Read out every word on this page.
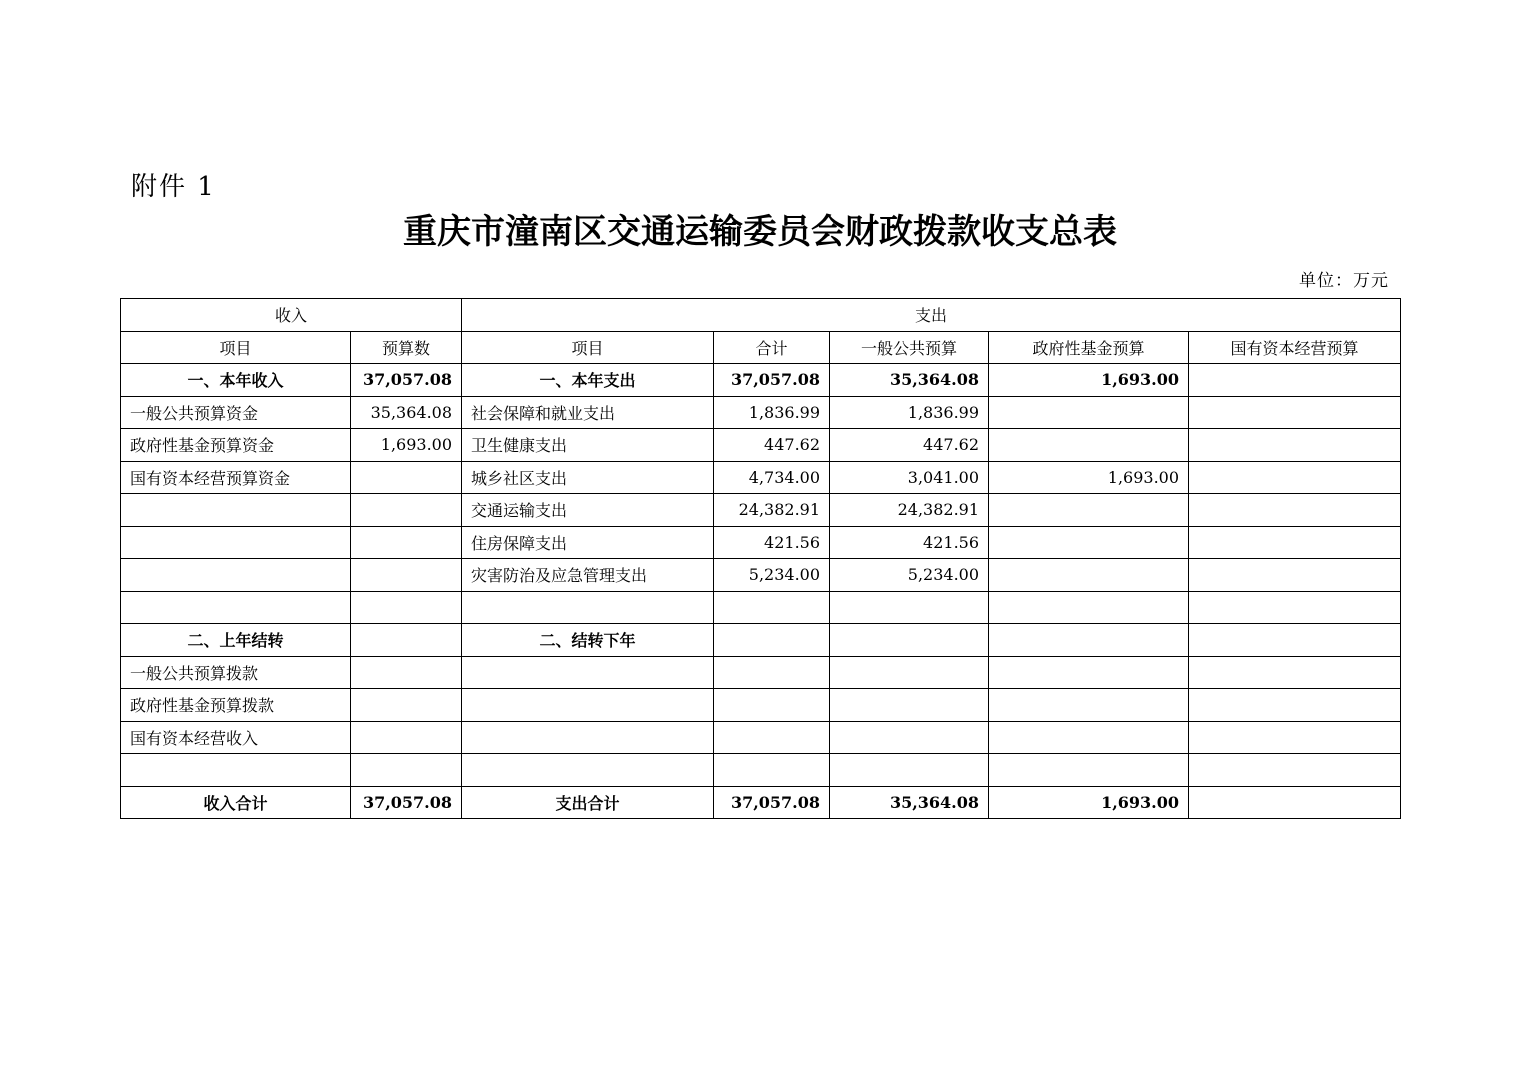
附件 1
重庆市潼南区交通运输委员会财政拨款收支总表
单位：万元
收入		支出				
项目	预算数	项目	合计	一般公共预算	政府性基金预算	国有资本经营预算
一、本年收入	37,057.08	一、本年支出	37,057.08	35,364.08	1,693.00	
一般公共预算资金	35,364.08	社会保障和就业支出	1,836.99	1,836.99		
政府性基金预算资金	1,693.00	卫生健康支出	447.62	447.62		
国有资本经营预算资金		城乡社区支出	4,734.00	3,041.00	1,693.00	
		交通运输支出	24,382.91	24,382.91		
		住房保障支出	421.56	421.56		
		灾害防治及应急管理支出	5,234.00	5,234.00		

二、上年结转		二、结转下年				
一般公共预算拨款						
政府性基金预算拨款						
国有资本经营收入						

收入合计	37,057.08	支出合计	37,057.08	35,364.08	1,693.00	
